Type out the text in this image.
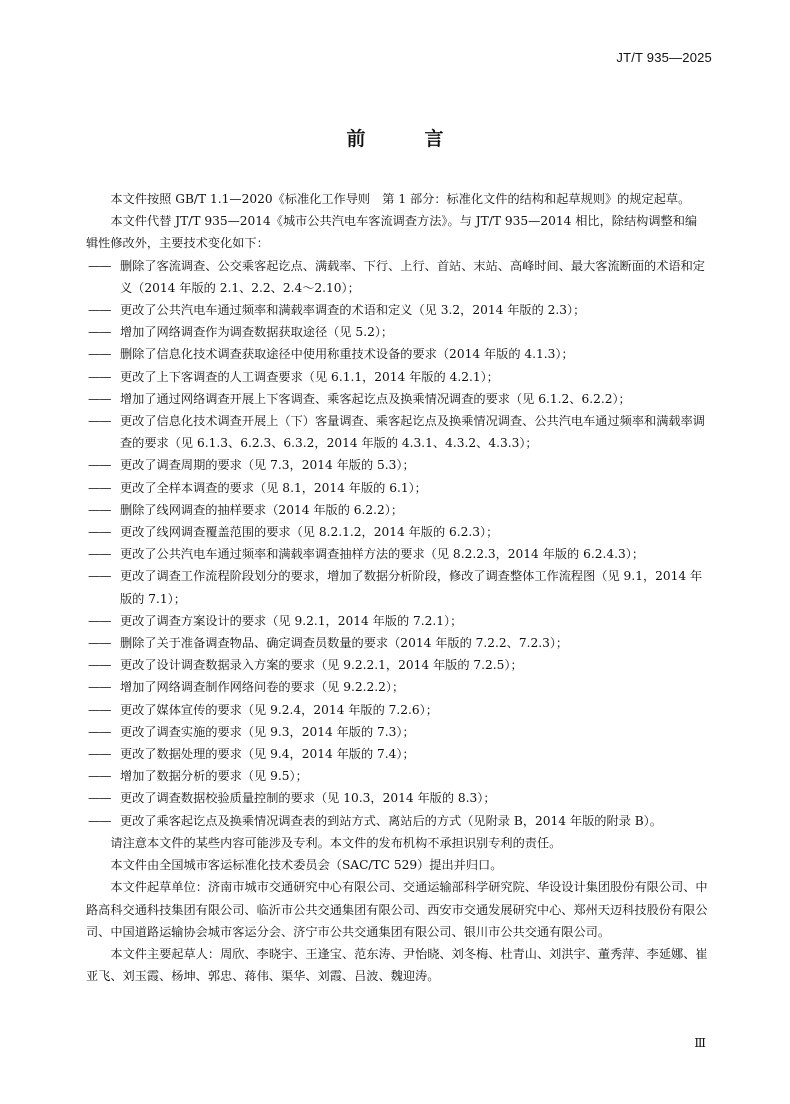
JT/T 935—2025
前　言

本文件按照 GB/T 1.1—2020《标准化工作导则　第 1 部分：标准化文件的结构和起草规则》的规定起草。

本文件代替 JT/T 935—2014《城市公共汽电车客流调查方法》。与 JT/T 935—2014 相比，除结构调整和编辑性修改外，主要技术变化如下：

—— 删除了客流调查、公交乘客起讫点、满载率、下行、上行、首站、末站、高峰时间、最大客流断面的术语和定义（2014 年版的 2.1、2.2、2.4～2.10）；

—— 更改了公共汽电车通过频率和满载率调查的术语和定义（见 3.2，2014 年版的 2.3）；

—— 增加了网络调查作为调查数据获取途径（见 5.2）；

—— 删除了信息化技术调查获取途径中使用称重技术设备的要求（2014 年版的 4.1.3）；

—— 更改了上下客调查的人工调查要求（见 6.1.1，2014 年版的 4.2.1）；

—— 增加了通过网络调查开展上下客调查、乘客起讫点及换乘情况调查的要求（见 6.1.2、6.2.2）；

—— 更改了信息化技术调查开展上（下）客量调查、乘客起讫点及换乘情况调查、公共汽电车通过频率和满载率调查的要求（见 6.1.3、6.2.3、6.3.2，2014 年版的 4.3.1、4.3.2、4.3.3）；

—— 更改了调查周期的要求（见 7.3，2014 年版的 5.3）；

—— 更改了全样本调查的要求（见 8.1，2014 年版的 6.1）；

—— 删除了线网调查的抽样要求（2014 年版的 6.2.2）；

—— 更改了线网调查覆盖范围的要求（见 8.2.1.2，2014 年版的 6.2.3）；

—— 更改了公共汽电车通过频率和满载率调查抽样方法的要求（见 8.2.2.3，2014 年版的 6.2.4.3）；

—— 更改了调查工作流程阶段划分的要求，增加了数据分析阶段，修改了调查整体工作流程图（见 9.1，2014 年版的 7.1）；

—— 更改了调查方案设计的要求（见 9.2.1，2014 年版的 7.2.1）；

—— 删除了关于准备调查物品、确定调查员数量的要求（2014 年版的 7.2.2、7.2.3）；

—— 更改了设计调查数据录入方案的要求（见 9.2.2.1，2014 年版的 7.2.5）；

—— 增加了网络调查制作网络问卷的要求（见 9.2.2.2）；

—— 更改了媒体宣传的要求（见 9.2.4，2014 年版的 7.2.6）；

—— 更改了调查实施的要求（见 9.3，2014 年版的 7.3）；

—— 更改了数据处理的要求（见 9.4，2014 年版的 7.4）；

—— 增加了数据分析的要求（见 9.5）；

—— 更改了调查数据校验质量控制的要求（见 10.3，2014 年版的 8.3）；

—— 更改了乘客起讫点及换乘情况调查表的到站方式、离站后的方式（见附录 B，2014 年版的附录 B）。

请注意本文件的某些内容可能涉及专利。本文件的发布机构不承担识别专利的责任。

本文件由全国城市客运标准化技术委员会（SAC/TC 529）提出并归口。

本文件起草单位：济南市城市交通研究中心有限公司、交通运输部科学研究院、华设设计集团股份有限公司、中路高科交通科技集团有限公司、临沂市公共交通集团有限公司、西安市交通发展研究中心、郑州天迈科技股份有限公司、中国道路运输协会城市客运分会、济宁市公共交通集团有限公司、银川市公共交通有限公司。

本文件主要起草人：周欣、李晓宇、王逢宝、范东涛、尹怡晓、刘冬梅、杜青山、刘洪宇、董秀萍、李延娜、崔亚飞、刘玉霞、杨坤、郭忠、蒋伟、渠华、刘霞、吕波、魏迎涛。

Ⅲ
